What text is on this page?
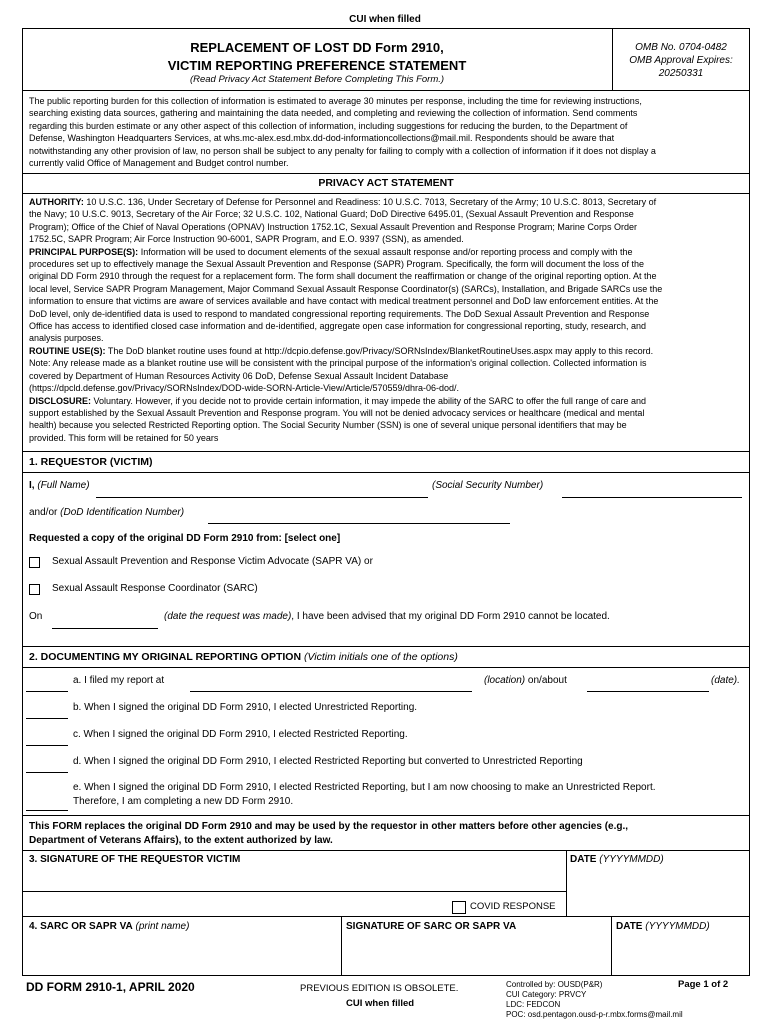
CUI when filled
REPLACEMENT OF LOST DD Form 2910,
VICTIM REPORTING PREFERENCE STATEMENT
(Read Privacy Act Statement Before Completing This Form.)
OMB No. 0704-0482
OMB Approval Expires:
20250331
The public reporting burden for this collection of information is estimated to average 30 minutes per response, including the time for reviewing instructions,
searching existing data sources, gathering and maintaining the data needed, and completing and reviewing the collection of information. Send comments
regarding this burden estimate or any other aspect of this collection of information, including suggestions for reducing the burden, to the Department of
Defense, Washington Headquarters Services, at whs.mc-alex.esd.mbx.dd-dod-informationcollections@mail.mil. Respondents should be aware that
notwithstanding any other provision of law, no person shall be subject to any penalty for failing to comply with a collection of information if it does not display a
currently valid Office of Management and Budget control number.
PRIVACY ACT STATEMENT
AUTHORITY: 10 U.S.C. 136, Under Secretary of Defense for Personnel and Readiness: 10 U.S.C. 7013, Secretary of the Army; 10 U.S.C. 8013, Secretary of
the Navy; 10 U.S.C. 9013, Secretary of the Air Force; 32 U.S.C. 102, National Guard; DoD Directive 6495.01, (Sexual Assault Prevention and Response
Program); Office of the Chief of Naval Operations (OPNAV) Instruction 1752.1C, Sexual Assault Prevention and Response Program; Marine Corps Order
1752.5C, SAPR Program; Air Force Instruction 90-6001, SAPR Program, and E.O. 9397 (SSN), as amended.
PRINCIPAL PURPOSE(S): Information will be used to document elements of the sexual assault response and/or reporting process and comply with the
procedures set up to effectively manage the Sexual Assault Prevention and Response (SAPR) Program. Specifically, the form will document the loss of the
original DD Form 2910 through the request for a replacement form. The form shall document the reaffirmation or change of the original reporting option. At the
local level, Service SAPR Program Management, Major Command Sexual Assault Response Coordinator(s) (SARCs), Installation, and Brigade SARCs use the
information to ensure that victims are aware of services available and have contact with medical treatment personnel and DoD law enforcement entities. At the
DoD level, only de-identified data is used to respond to mandated congressional reporting requirements. The DoD Sexual Assault Prevention and Response
Office has access to identified closed case information and de-identified, aggregate open case information for congressional reporting, study, research, and
analysis purposes.
ROUTINE USE(S): The DoD blanket routine uses found at http://dcpio.defense.gov/Privacy/SORNsIndex/BlanketRoutineUses.aspx may apply to this record.
Note: Any release made as a blanket routine use will be consistent with the principal purpose of the information's original collection. Collected information is
covered by Department of Human Resources Activity 06 DoD, Defense Sexual Assault Incident Database
(https://dpcld.defense.gov/Privacy/SORNsIndex/DOD-wide-SORN-Article-View/Article/570559/dhra-06-dod/.
DISCLOSURE: Voluntary. However, if you decide not to provide certain information, it may impede the ability of the SARC to offer the full range of care and
support established by the Sexual Assault Prevention and Response program. You will not be denied advocacy services or healthcare (medical and mental
health) because you selected Restricted Reporting option. The Social Security Number (SSN) is one of several unique personal identifiers that may be
provided. This form will be retained for 50 years
1. REQUESTOR (VICTIM)
I, (Full Name)	(Social Security Number)
and/or (DoD Identification Number)
Requested a copy of the original DD Form 2910 from: [select one]
Sexual Assault Prevention and Response Victim Advocate (SAPR VA) or
Sexual Assault Response Coordinator (SARC)
On	(date the request was made), I have been advised that my original DD Form 2910 cannot be located.
2. DOCUMENTING MY ORIGINAL REPORTING OPTION (Victim initials one of the options)
a. I filed my report at	(location) on/about	(date).
b. When I signed the original DD Form 2910, I elected Unrestricted Reporting.
c. When I signed the original DD Form 2910, I elected Restricted Reporting.
d. When I signed the original DD Form 2910, I elected Restricted Reporting but converted to Unrestricted Reporting
e. When I signed the original DD Form 2910, I elected Restricted Reporting, but I am now choosing to make an Unrestricted Report.
Therefore, I am completing a new DD Form 2910.
This FORM replaces the original DD Form 2910 and may be used by the requestor in other matters before other agencies (e.g.,
Department of Veterans Affairs), to the extent authorized by law.
3. SIGNATURE OF THE REQUESTOR VICTIM	DATE (YYYYMMDD)
COVID RESPONSE
4. SARC OR SAPR VA (print name)	SIGNATURE OF SARC OR SAPR VA	DATE (YYYYMMDD)
DD FORM 2910-1, APRIL 2020	PREVIOUS EDITION IS OBSOLETE.
CUI when filled
Controlled by: OUSD(P&R)
CUI Category: PRVCY
LDC: FEDCON
POC: osd.pentagon.ousd-p-r.mbx.forms@mail.mil
Page 1 of 2
